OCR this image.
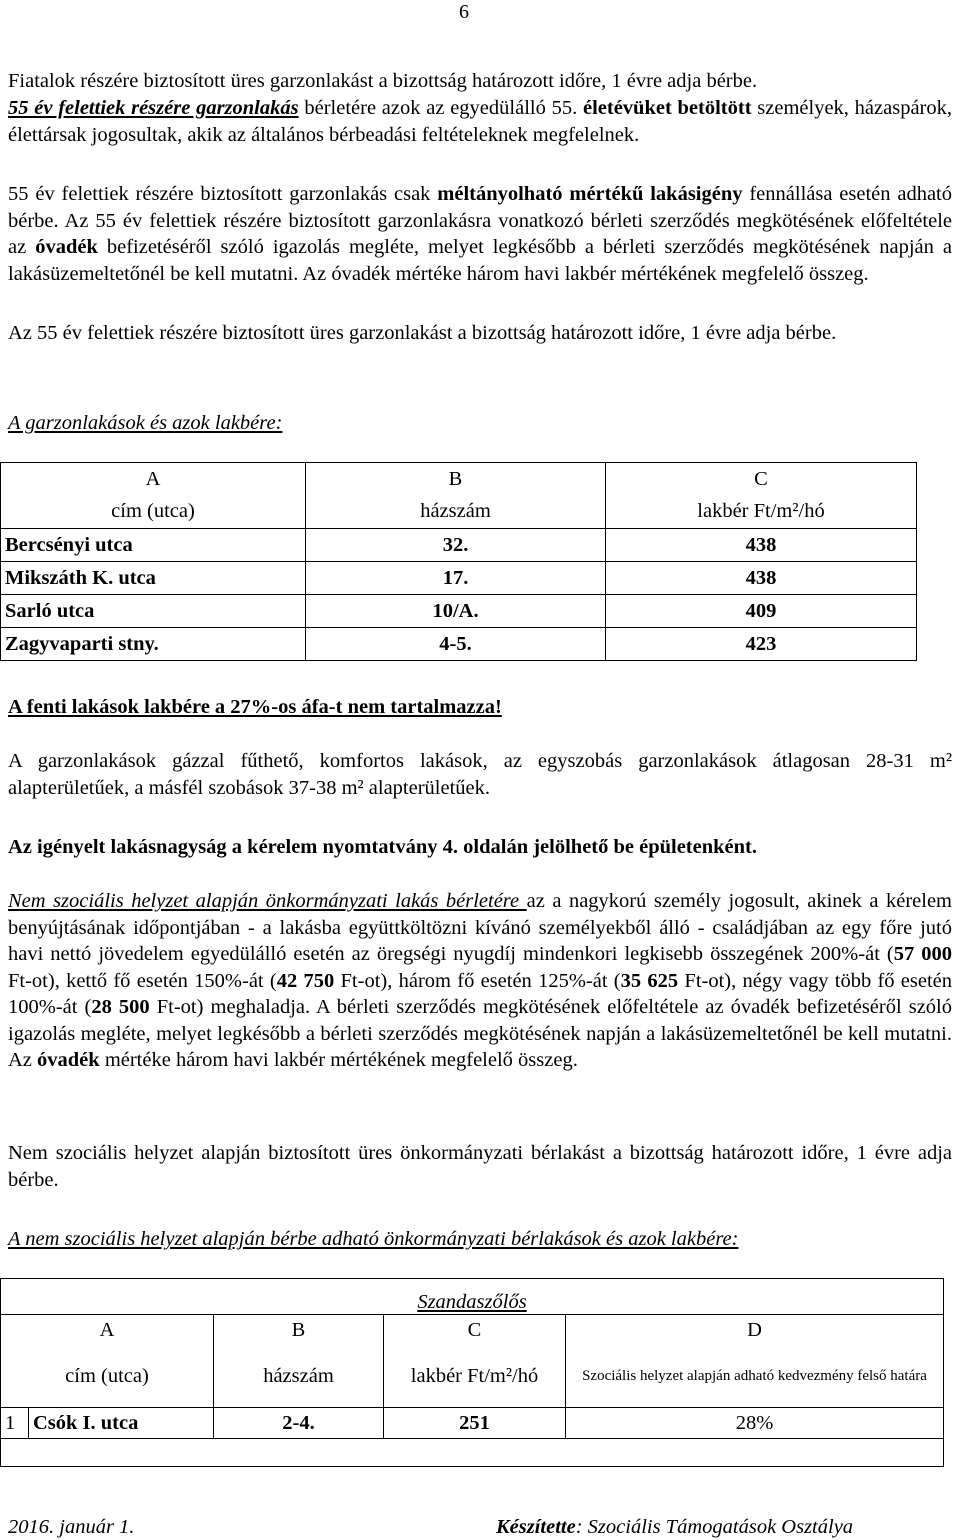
6
Fiatalok részére biztosított üres garzonlakást a bizottság határozott időre, 1 évre adja bérbe.
55 év felettiek részére garzonlakás bérletére azok az egyedülálló 55. életévüket betöltött személyek, házaspárok, élettársak jogosultak, akik az általános bérbeadási feltételeknek megfelelnek.
55 év felettiek részére biztosított garzonlakás csak méltányolható mértékű lakásigény fennállása esetén adható bérbe. Az 55 év felettiek részére biztosított garzonlakásra vonatkozó bérleti szerződés megkötésének előfeltétele az óvadék befizetéséről szóló igazolás megléte, melyet legkésőbb a bérleti szerződés megkötésének napján a lakásüzemeltetőnél be kell mutatni. Az óvadék mértéke három havi lakbér mértékének megfelelő összeg.
Az 55 év felettiek részére biztosított üres garzonlakást a bizottság határozott időre, 1 évre adja bérbe.
A garzonlakások és azok lakbére:
A	B	C
cím (utca)	házszám	lakbér Ft/m²/hó
Bercsényi utca	32.	438
Mikszáth K. utca	17.	438
Sarló utca	10/A.	409
Zagyvaparti stny.	4-5.	423
A fenti lakások lakbére a 27%-os áfa-t nem tartalmazza!
A garzonlakások gázzal fűthető, komfortos lakások, az egyszobás garzonlakások átlagosan 28-31 m² alapterületűek, a másfél szobások 37-38 m² alapterületűek.
Az igényelt lakásnagyság a kérelem nyomtatvány 4. oldalán jelölhető be épületenként.
Nem szociális helyzet alapján önkormányzati lakás bérletére az a nagykorú személy jogosult, akinek a kérelem benyújtásának időpontjában - a lakásba együttköltözni kívánó személyekből álló - családjában az egy főre jutó havi nettó jövedelem egyedülálló esetén az öregségi nyugdíj mindenkori legkisebb összegének 200%-át (57 000 Ft-ot), kettő fő esetén 150%-át (42 750 Ft-ot), három fő esetén 125%-át (35 625 Ft-ot), négy vagy több fő esetén 100%-át (28 500 Ft-ot) meghaladja. A bérleti szerződés megkötésének előfeltétele az óvadék befizetéséről szóló igazolás megléte, melyet legkésőbb a bérleti szerződés megkötésének napján a lakásüzemeltetőnél be kell mutatni. Az óvadék mértéke három havi lakbér mértékének megfelelő összeg.
Nem szociális helyzet alapján biztosított üres önkormányzati bérlakást a bizottság határozott időre, 1 évre adja bérbe.
A nem szociális helyzet alapján bérbe adható önkormányzati bérlakások és azok lakbére:
Szandaszőlős				
A		B	C	D
cím (utca)		házszám	lakbér Ft/m²/hó	Szociális helyzet alapján adható kedvezmény felső határa
1	Csók I. utca	2-4.	251	28%

2016. január 1.	Készítette: Szociális Támogatások Osztálya
